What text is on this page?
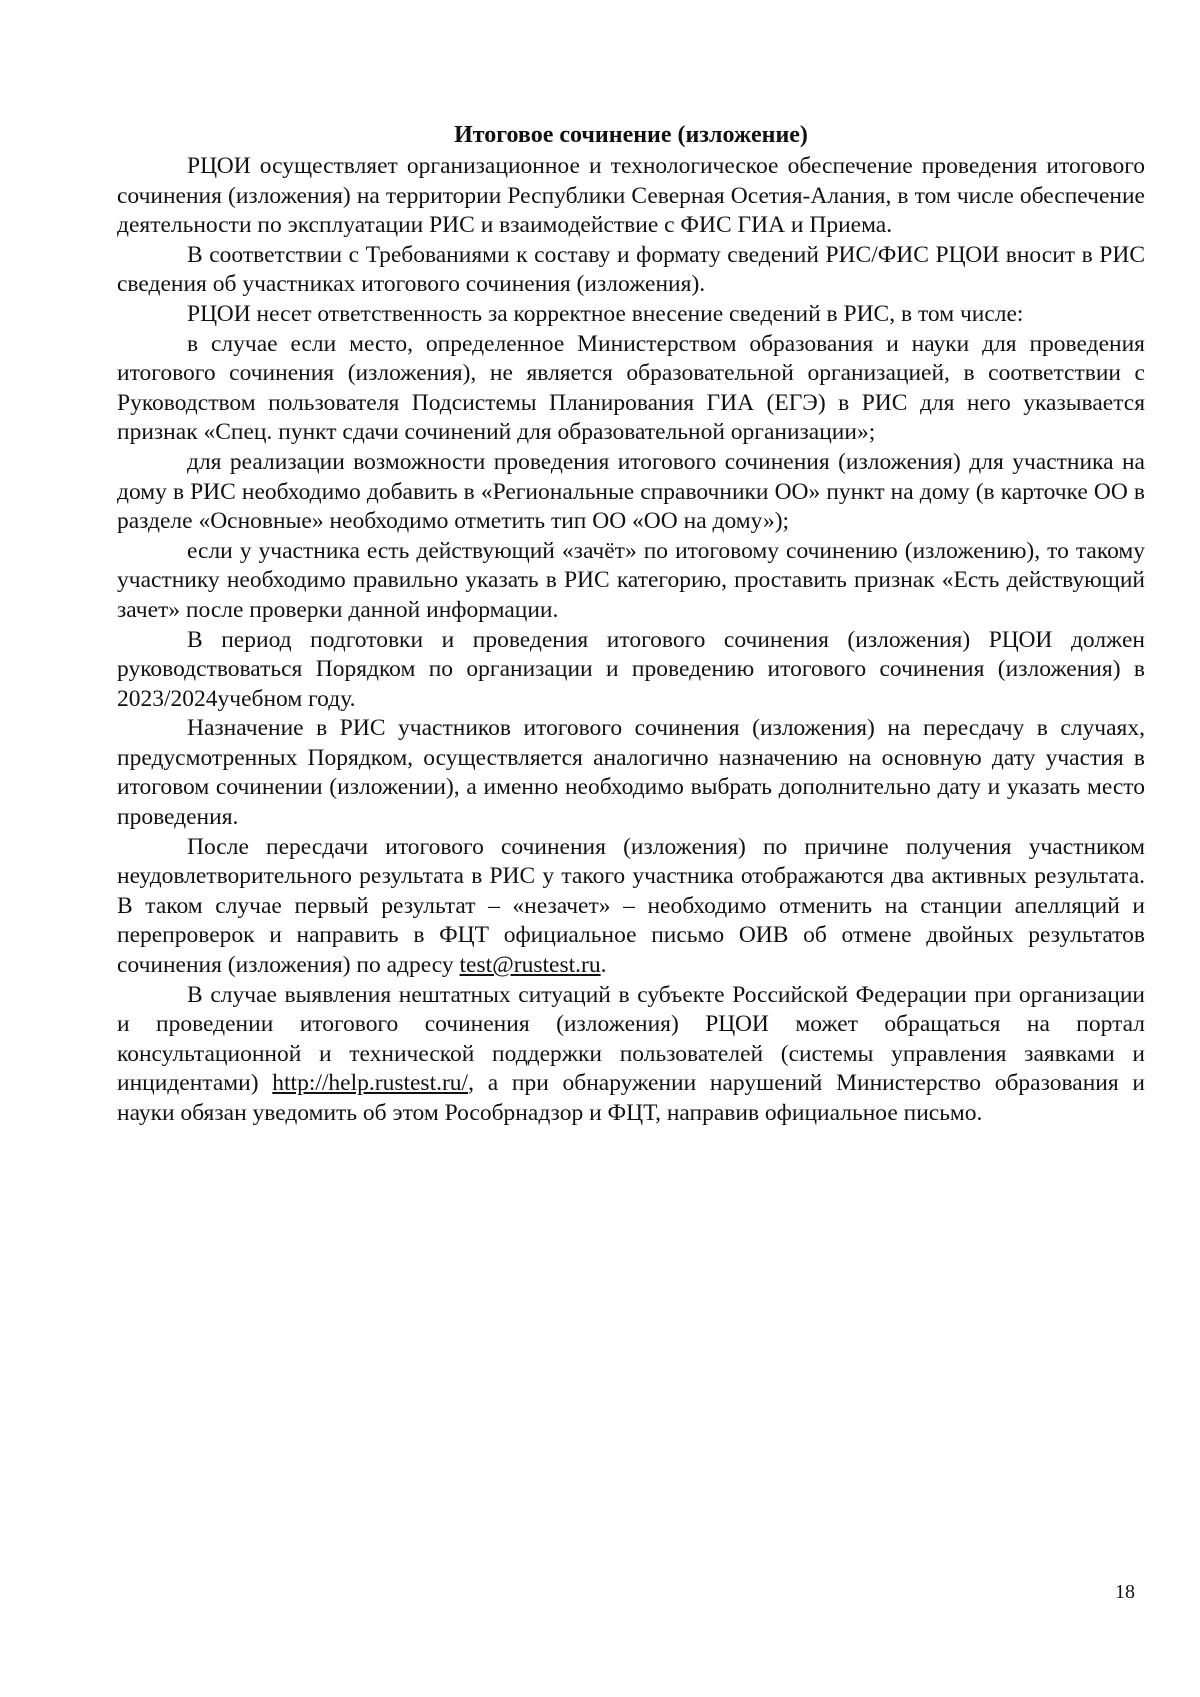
Итоговое сочинение (изложение)

РЦОИ осуществляет организационное и технологическое обеспечение проведения итогового сочинения (изложения) на территории Республики Северная Осетия-Алания, в том числе обеспечение деятельности по эксплуатации РИС и взаимодействие с ФИС ГИА и Приема.

В соответствии с Требованиями к составу и формату сведений РИС/ФИС РЦОИ вносит в РИС сведения об участниках итогового сочинения (изложения).

РЦОИ несет ответственность за корректное внесение сведений в РИС, в том числе:

в случае если место, определенное Министерством образования и науки для проведения итогового сочинения (изложения), не является образовательной организацией, в соответствии с Руководством пользователя Подсистемы Планирования ГИА (ЕГЭ) в РИС для него указывается признак «Спец. пункт сдачи сочинений для образовательной организации»;

для реализации возможности проведения итогового сочинения (изложения) для участника на дому в РИС необходимо добавить в «Региональные справочники ОО» пункт на дому (в карточке ОО в разделе «Основные» необходимо отметить тип ОО «ОО на дому»);

если у участника есть действующий «зачёт» по итоговому сочинению (изложению), то такому участнику необходимо правильно указать в РИС категорию, проставить признак «Есть действующий зачет» после проверки данной информации.

В период подготовки и проведения итогового сочинения (изложения) РЦОИ должен руководствоваться Порядком по организации и проведению итогового сочинения (изложения) в 2023/2024учебном году.

Назначение в РИС участников итогового сочинения (изложения) на пересдачу в случаях, предусмотренных Порядком, осуществляется аналогично назначению на основную дату участия в итоговом сочинении (изложении), а именно необходимо выбрать дополнительно дату и указать место проведения.

После пересдачи итогового сочинения (изложения) по причине получения участником неудовлетворительного результата в РИС у такого участника отображаются два активных результата. В таком случае первый результат – «незачет» – необходимо отменить на станции апелляций и перепроверок и направить в ФЦТ официальное письмо ОИВ об отмене двойных результатов сочинения (изложения) по адресу test@rustest.ru.

В случае выявления нештатных ситуаций в субъекте Российской Федерации при организации и проведении итогового сочинения (изложения) РЦОИ может обращаться на портал консультационной и технической поддержки пользователей (системы управления заявками и инцидентами) http://help.rustest.ru/, а при обнаружении нарушений Министерство образования и науки обязан уведомить об этом Рособрнадзор и ФЦТ, направив официальное письмо.

18
